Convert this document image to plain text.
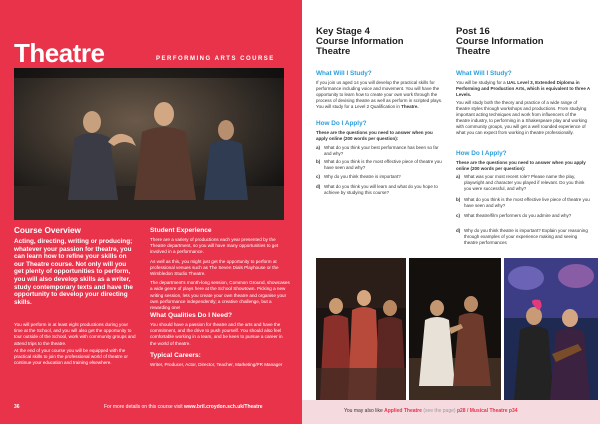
Theatre	PERFORMING ARTS COURSE
Course Overview
Acting, directing, writing or producing; whatever your passion for theatre, you can learn how to refine your skills on our Theatre course. Not only will you get plenty of opportunities to perform, you will also develop skills as a writer, study contemporary texts and have the opportunity to develop your directing skills.
You will perform in at least eight productions during your time at the School, and you will also get the opportunity to tour outside of the School, work with community groups and attend trips to the theatre.
At the end of your course you will be equipped with the practical skills to join the professional world of theatre or continue your education and training elsewhere.
Student Experience

There are a variety of productions each year presented by the Theatre department, so you will have many opportunities to get involved in a performance.

As well as this, you might just get the opportunity to perform at professional venues such as The Seven Dials Playhouse or the Wimbledon Studio Theatre.

The department's month-long session, Common Ground, showcases a wide genre of plays here at the School Showtown. Picking a new writing session, lets you create your own theatre and organise your own performance independently; a creative challenge, but a rewarding one!

What Qualities Do I Need?

You should have a passion for theatre and the arts and have the commitment, and the drive to push yourself. You should also feel comfortable working in a team, and be keen to pursue a career in the world of theatre.

Typical Careers:

Writer, Producer, Actor, Director, Teacher, Marketing/PR Manager

36	For more details on this course visit www.bril.croydon.sch.uk/Theatre
Key Stage 4
Course Information
Theatre
What Will I Study?
If you join us aged 14 you will develop the practical skills for performance including voice and movement. You will have the opportunity to learn how to create your own work through the process of devising theatre as well as perform in scripted plays. You will study for a Level 2 Qualification in Theatre.
How Do I Apply?
These are the questions you need to answer when you apply online (200 words per question):
a) What do you think your best performance has been so far and why?
b) What do you think is the most effective piece of theatre you have seen and why?
c) Why do you think theatre is important?
d) What do you think you will learn and what do you hope to achieve by studying this course?
Post 16
Course Information
Theatre
What Will I Study?
You will be studying for a UAL Level 3, Extended Diploma in Performing and Production Arts, which is equivalent to three A Levels.
You will study both the theory and practice of a wide range of theatre styles through workshops and productions. From studying important acting techniques and work from influencers of the theatre industry, to performing in a Shakespeare play and working with community groups, you will get a well rounded experience of what you can expect from working in theatre professionally.
How Do I Apply?
These are the questions you need to answer when you apply online (200 words per question):
a) What was your most recent role? Please name the play, playwright and character you played if relevant. Do you think you were successful, and why?
b) What do you think is the most effective live piece of theatre you have seen and why?
c) What theatre/film performers do you admire and why?
d) Why do you think theatre is important? Explain your reasoning through examples of your experience making and seeing theatre performances
You may also like Applied Theatre (see the page) p28 / Musical Theatre p34
